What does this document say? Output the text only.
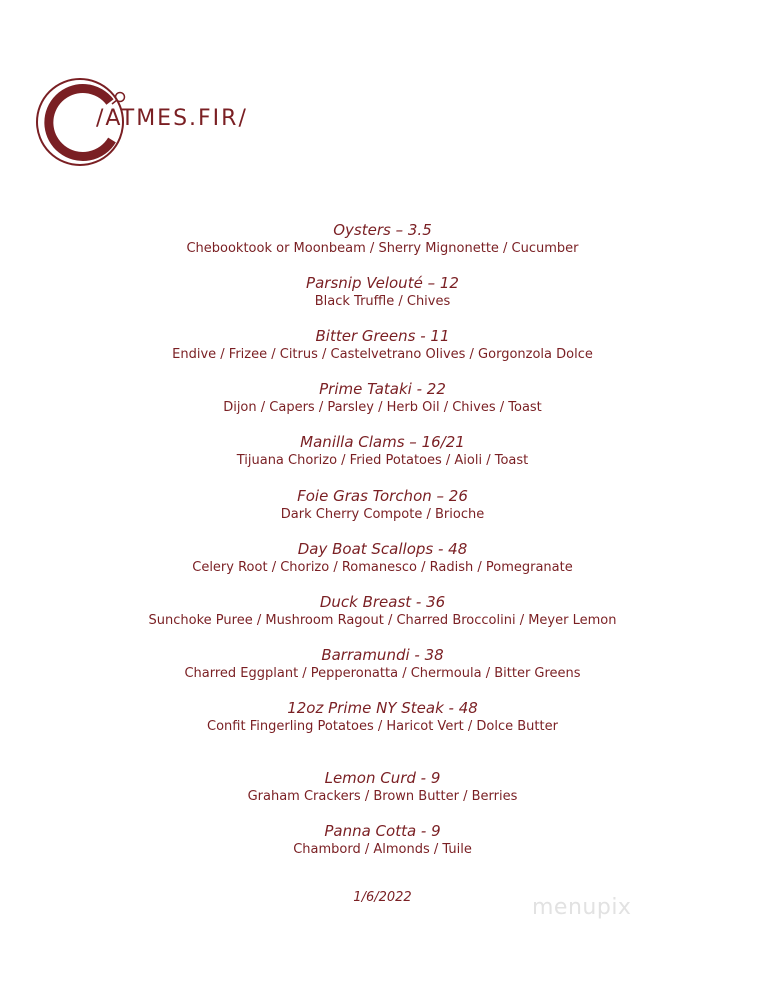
/ATMES.FIR/
Oysters – 3.5
Chebooktook or Moonbeam / Sherry Mignonette / Cucumber
Parsnip Velouté – 12
Black Truffle / Chives
Bitter Greens - 11
Endive / Frizee / Citrus / Castelvetrano Olives / Gorgonzola Dolce
Prime Tataki - 22
Dijon / Capers / Parsley / Herb Oil / Chives / Toast
Manilla Clams – 16/21
Tijuana Chorizo / Fried Potatoes / Aioli / Toast
Foie Gras Torchon – 26
Dark Cherry Compote / Brioche
Day Boat Scallops - 48
Celery Root / Chorizo / Romanesco / Radish / Pomegranate
Duck Breast - 36
Sunchoke Puree / Mushroom Ragout / Charred Broccolini / Meyer Lemon
Barramundi - 38
Charred Eggplant / Pepperonatta / Chermoula / Bitter Greens
12oz Prime NY Steak - 48
Confit Fingerling Potatoes / Haricot Vert / Dolce Butter
Lemon Curd - 9
Graham Crackers / Brown Butter / Berries
Panna Cotta - 9
Chambord / Almonds / Tuile
1/6/2022	menupix
